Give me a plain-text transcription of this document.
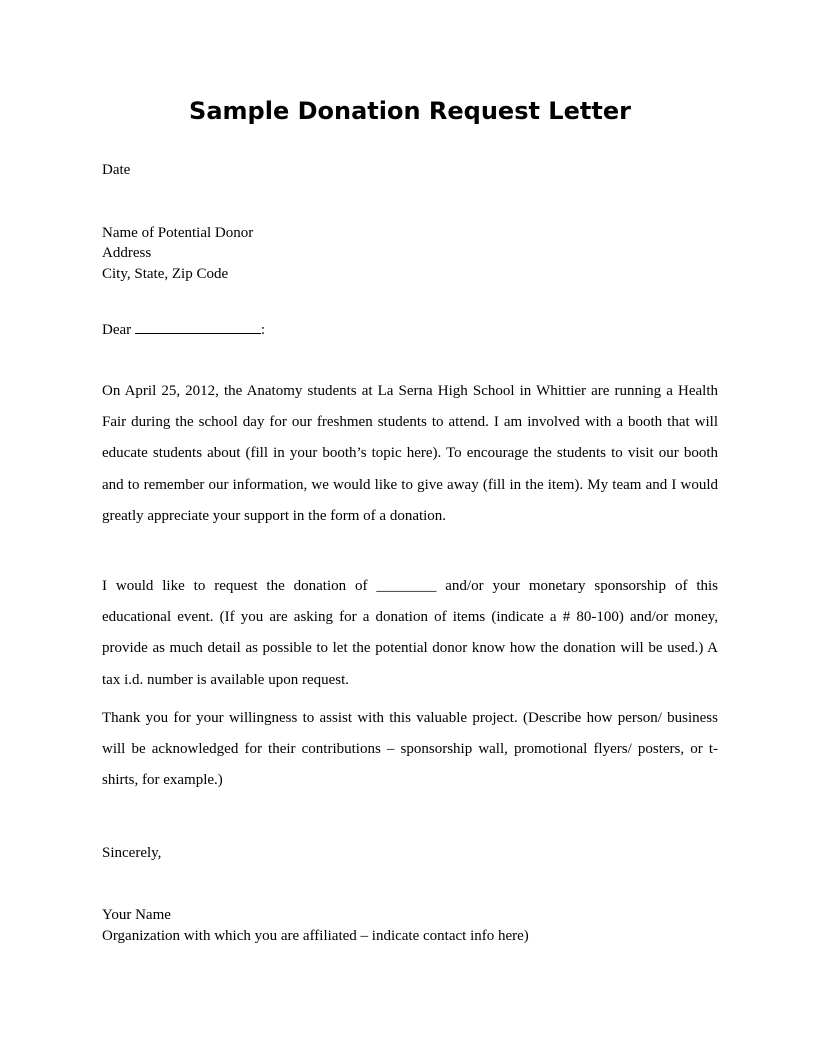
Sample Donation Request Letter
Date
Name of Potential Donor
Address
City, State, Zip Code
Dear	:
On April 25, 2012, the Anatomy students at La Serna High School in Whittier are running a Health Fair during the school day for our freshmen students to attend. I am involved with a booth that will educate students about (fill in your booth’s topic here). To encourage the students to visit our booth and to remember our information, we would like to give away (fill in the item). My team and I would greatly appreciate your support in the form of a donation.
I would like to request the donation of ________ and/or your monetary sponsorship of this educational event. (If you are asking for a donation of items (indicate a # 80-100) and/or money, provide as much detail as possible to let the potential donor know how the donation will be used.) A tax i.d. number is available upon request.
Thank you for your willingness to assist with this valuable project. (Describe how person/ business will be acknowledged for their contributions – sponsorship wall, promotional flyers/ posters, or t-shirts, for example.)
Sincerely,
Your Name
Organization with which you are affiliated – indicate contact info here)
